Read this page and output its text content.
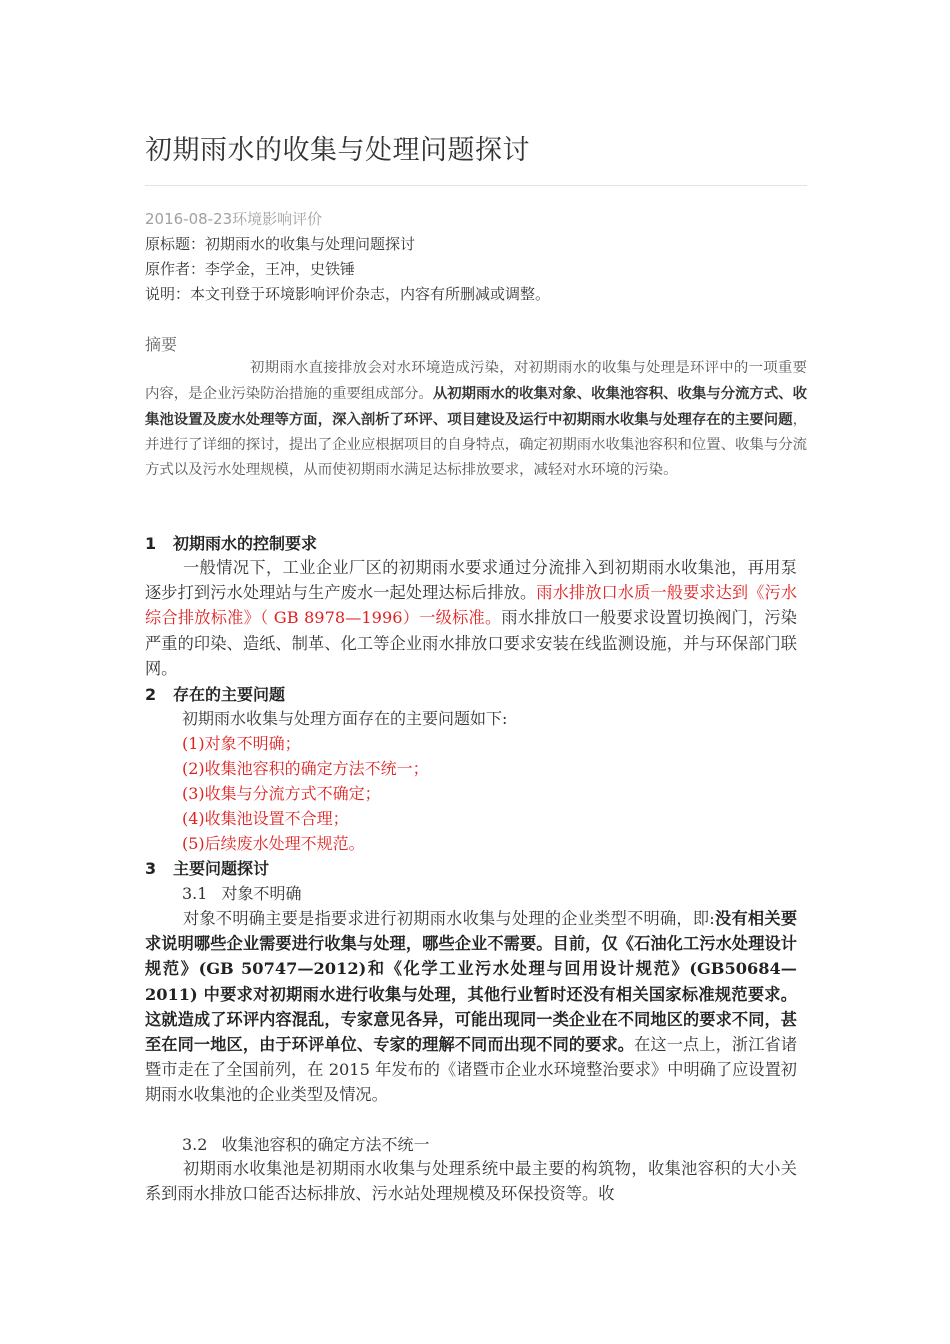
初期雨水的收集与处理问题探讨
2016-08-23环境影响评价
原标题：初期雨水的收集与处理问题探讨
原作者：李学金，王冲，史铁锤
说明：本文刊登于环境影响评价杂志，内容有所删减或调整。
摘要
初期雨水直接排放会对水环境造成污染，对初期雨水的收集与处理是环评中的一项重要内容，是企业污染防治措施的重要组成部分。从初期雨水的收集对象、收集池容积、收集与分流方式、收集池设置及废水处理等方面，深入剖析了环评、项目建设及运行中初期雨水收集与处理存在的主要问题，并进行了详细的探讨，提出了企业应根据项目的自身特点，确定初期雨水收集池容积和位置、收集与分流方式以及污水处理规模，从而使初期雨水满足达标排放要求，减轻对水环境的污染。
1 初期雨水的控制要求
一般情况下，工业企业厂区的初期雨水要求通过分流排入到初期雨水收集池，再用泵逐步打到污水处理站与生产废水一起处理达标后排放。雨水排放口水质一般要求达到《污水综合排放标准》（ GB 8978—1996）一级标准。雨水排放口一般要求设置切换阀门，污染严重的印染、造纸、制革、化工等企业雨水排放口要求安装在线监测设施，并与环保部门联网。
2 存在的主要问题
初期雨水收集与处理方面存在的主要问题如下:
(1)对象不明确；
(2)收集池容积的确定方法不统一；
(3)收集与分流方式不确定；
(4)收集池设置不合理；
(5)后续废水处理不规范。
3 主要问题探讨
3.1 对象不明确
对象不明确主要是指要求进行初期雨水收集与处理的企业类型不明确，即:没有相关要求说明哪些企业需要进行收集与处理，哪些企业不需要。目前，仅《石油化工污水处理设计规范》(GB 50747—2012)和《化学工业污水处理与回用设计规范》(GB50684—2011) 中要求对初期雨水进行收集与处理，其他行业暂时还没有相关国家标准规范要求。这就造成了环评内容混乱，专家意见各异，可能出现同一类企业在不同地区的要求不同，甚至在同一地区，由于环评单位、专家的理解不同而出现不同的要求。在这一点上，浙江省诸暨市走在了全国前列，在 2015 年发布的《诸暨市企业水环境整治要求》中明确了应设置初期雨水收集池的企业类型及情况。
3.2 收集池容积的确定方法不统一
初期雨水收集池是初期雨水收集与处理系统中最主要的构筑物，收集池容积的大小关系到雨水排放口能否达标排放、污水站处理规模及环保投资等。收
